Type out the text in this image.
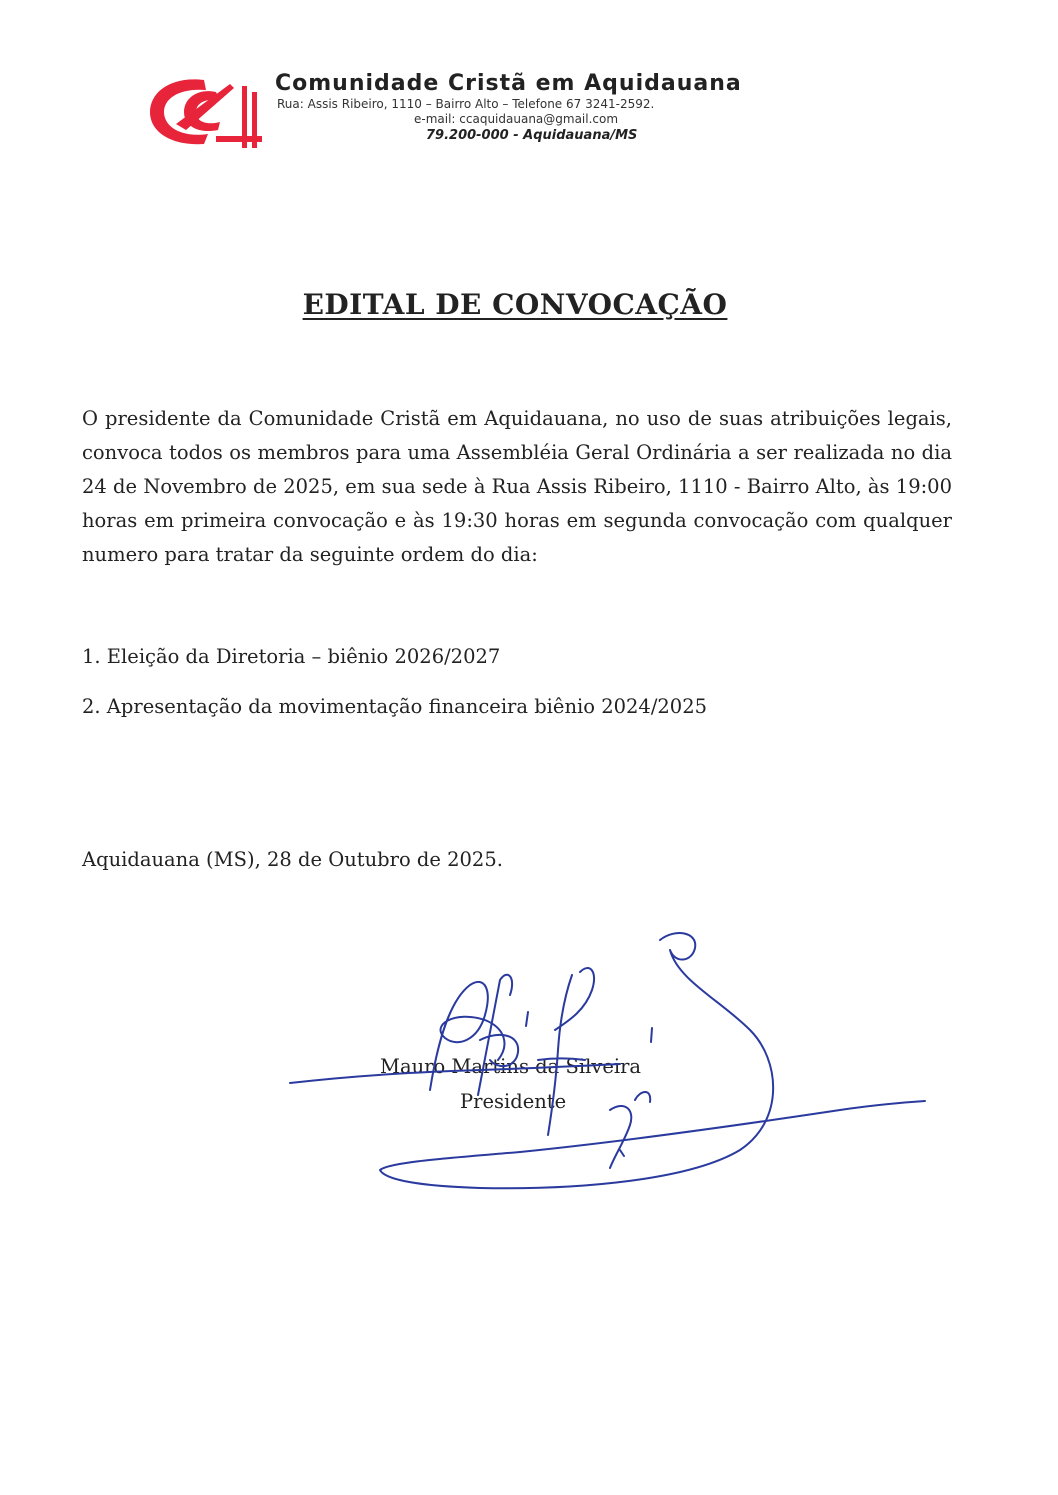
Comunidade Cristã em Aquidauana
Rua: Assis Ribeiro, 1110 – Bairro Alto – Telefone 67 3241-2592.
e-mail: ccaquidauana@gmail.com
79.200-000 - Aquidauana/MS
EDITAL DE CONVOCAÇÃO
O presidente da Comunidade Cristã em Aquidauana, no uso de suas atribuições legais, convoca todos os membros para uma Assembléia Geral Ordinária a ser realizada no dia 24 de Novembro de 2025, em sua sede à Rua Assis Ribeiro, 1110 - Bairro Alto, às 19:00 horas em primeira convocação e às 19:30 horas em segunda convocação com qualquer numero para tratar da seguinte ordem do dia:
1. Eleição da Diretoria – biênio 2026/2027
2. Apresentação da movimentação financeira biênio 2024/2025
Aquidauana (MS), 28 de Outubro de 2025.
Mauro Martins da Silveira
Presidente
